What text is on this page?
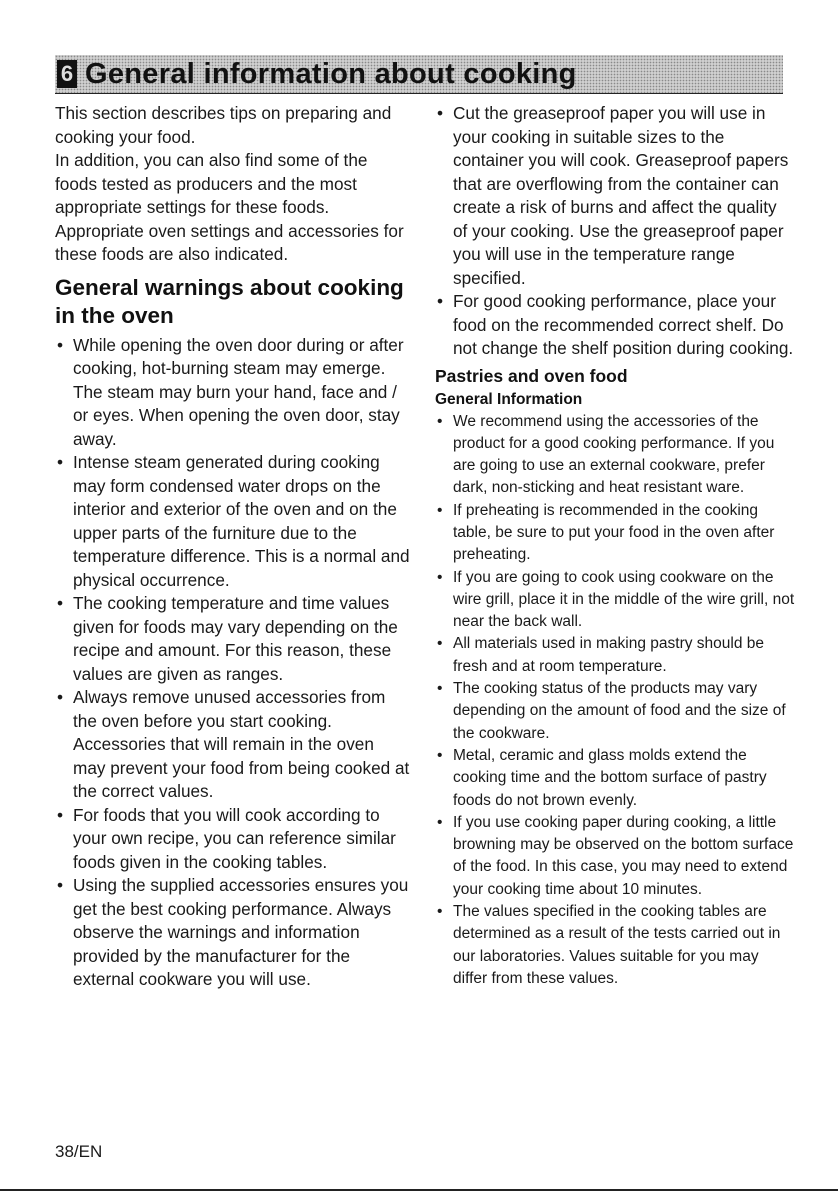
6 General information about cooking

This section describes tips on preparing and cooking your food.

In addition, you can also find some of the foods tested as producers and the most appropriate settings for these foods. Appropriate oven settings and accessories for these foods are also indicated.

General warnings about cooking in the oven
• While opening the oven door during or after cooking, hot-burning steam may emerge. The steam may burn your hand, face and / or eyes. When opening the oven door, stay away.
• Intense steam generated during cooking may form condensed water drops on the interior and exterior of the oven and on the upper parts of the furniture due to the temperature difference. This is a normal and physical occurrence.
• The cooking temperature and time values given for foods may vary depending on the recipe and amount. For this reason, these values are given as ranges.
• Always remove unused accessories from the oven before you start cooking. Accessories that will remain in the oven may prevent your food from being cooked at the correct values.
• For foods that you will cook according to your own recipe, you can reference similar foods given in the cooking tables.
• Using the supplied accessories ensures you get the best cooking performance. Always observe the warnings and information provided by the manufacturer for the external cookware you will use.
• Cut the greaseproof paper you will use in your cooking in suitable sizes to the container you will cook. Greaseproof papers that are overflowing from the container can create a risk of burns and affect the quality of your cooking. Use the greaseproof paper you will use in the temperature range specified.
• For good cooking performance, place your food on the recommended correct shelf. Do not change the shelf position during cooking.
Pastries and oven food
General Information
• We recommend using the accessories of the product for a good cooking performance. If you are going to use an external cookware, prefer dark, non-sticking and heat resistant ware.
• If preheating is recommended in the cooking table, be sure to put your food in the oven after preheating.
• If you are going to cook using cookware on the wire grill, place it in the middle of the wire grill, not near the back wall.
• All materials used in making pastry should be fresh and at room temperature.
• The cooking status of the products may vary depending on the amount of food and the size of the cookware.
• Metal, ceramic and glass molds extend the cooking time and the bottom surface of pastry foods do not brown evenly.
• If you use cooking paper during cooking, a little browning may be observed on the bottom surface of the food. In this case, you may need to extend your cooking time about 10 minutes.
• The values specified in the cooking tables are determined as a result of the tests carried out in our laboratories. Values suitable for you may differ from these values.
38/EN
